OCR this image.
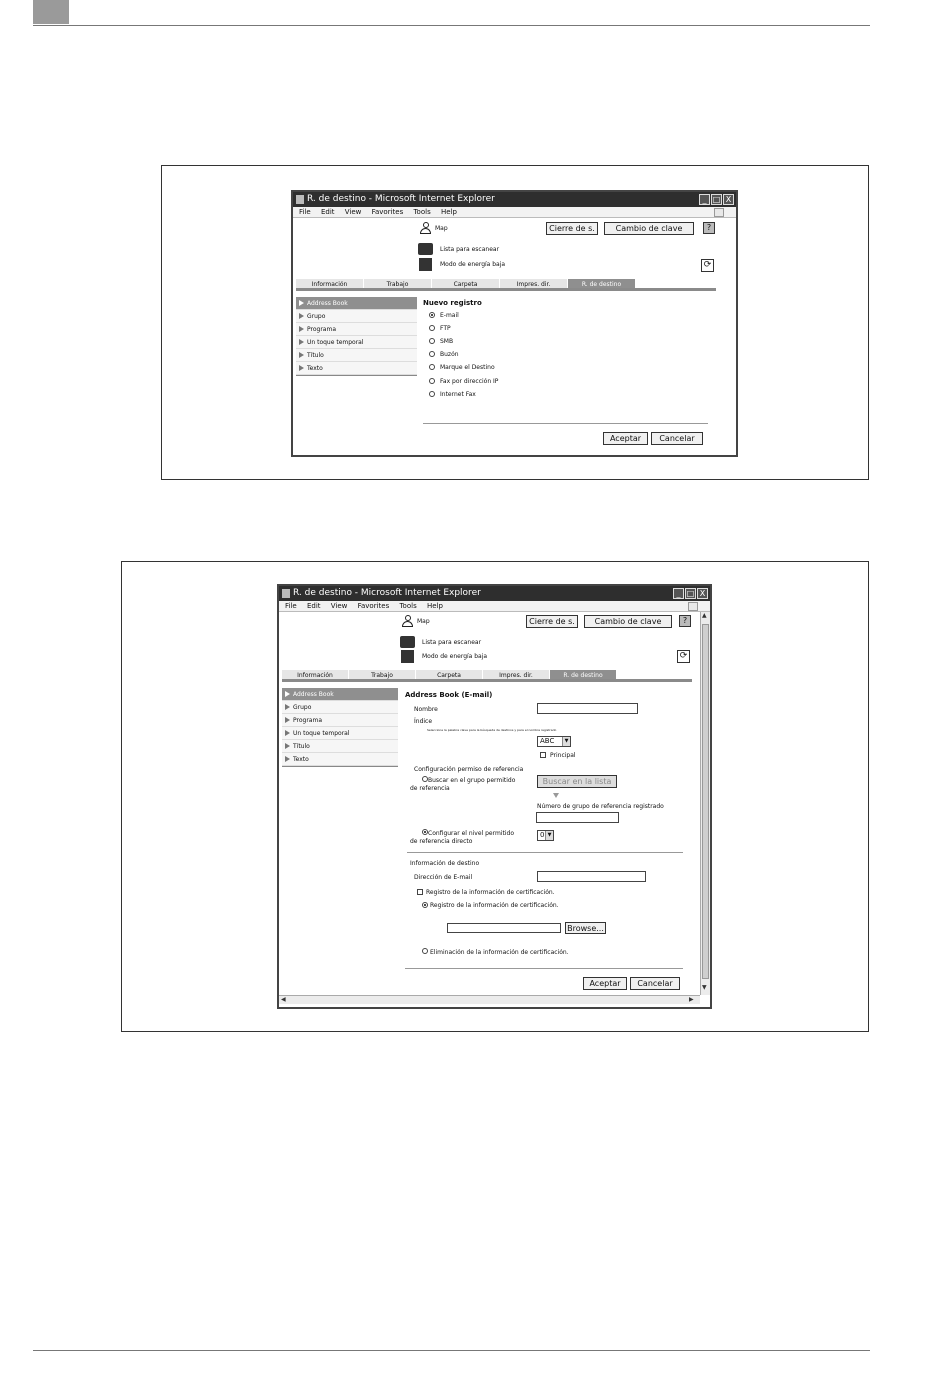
R. de destino - Microsoft Internet Explorer	_ □ X
File Edit View Favorites Tools Help
Map	Cierre de s.	Cambio de clave	?
Lista para escanear
Modo de energía baja	⟳
Información	Trabajo	Carpeta	Impres. dir.	R. de destino
Address Book
Grupo
Programa
Un toque temporal
Título
Texto
Nuevo registro
E-mail
FTP
SMB
Buzón
Marque el Destino
Fax por dirección IP
Internet Fax
Aceptar	Cancelar
R. de destino - Microsoft Internet Explorer	_ □ X
File Edit View Favorites Tools Help
Map	Cierre de s.	Cambio de clave	?
Lista para escanear
Modo de energía baja	⟳
Información	Trabajo	Carpeta	Impres. dir.	R. de destino
Address Book
Grupo
Programa
Un toque temporal
Título
Texto
Address Book (E-mail)
Nombre
Índice
Seleccione la palabra clave para la búsqueda de destinos y para el nombre registrado
ABC	▼
Principal
Configuración permiso de referencia
Buscar en el grupo permitido de referencia
Buscar en la lista
Número de grupo de referencia registrado
Configurar el nivel permitido de referencia directo
0 ▼
Información de destino
Dirección de E-mail
Registro de la información de certificación.
Registro de la información de certificación.
Browse...
Eliminación de la información de certificación.
Aceptar	Cancelar
▲
▼
◀	▶
